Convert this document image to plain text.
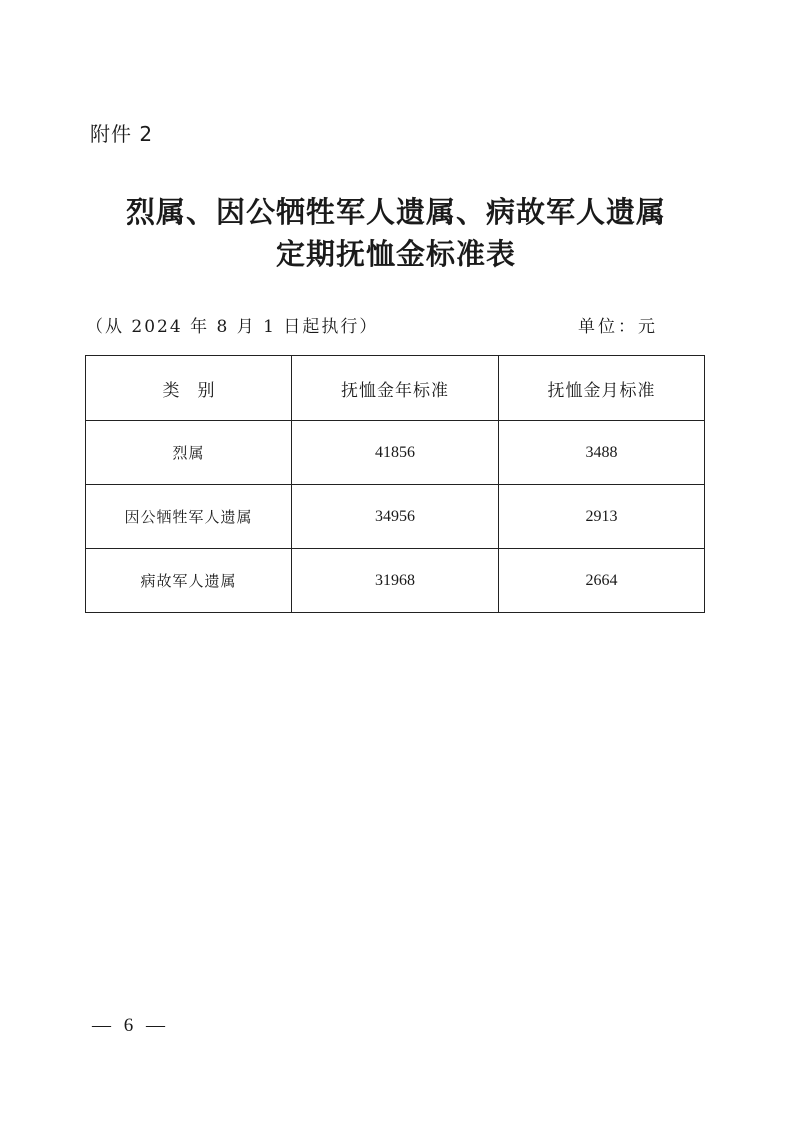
附件 2
烈属、因公牺牲军人遗属、病故军人遗属
定期抚恤金标准表
（从 2024 年 8 月 1 日起执行）	单位：元
类别	抚恤金年标准	抚恤金月标准
烈属	41856	3488
因公牺牲军人遗属	34956	2913
病故军人遗属	31968	2664
— 6 —
